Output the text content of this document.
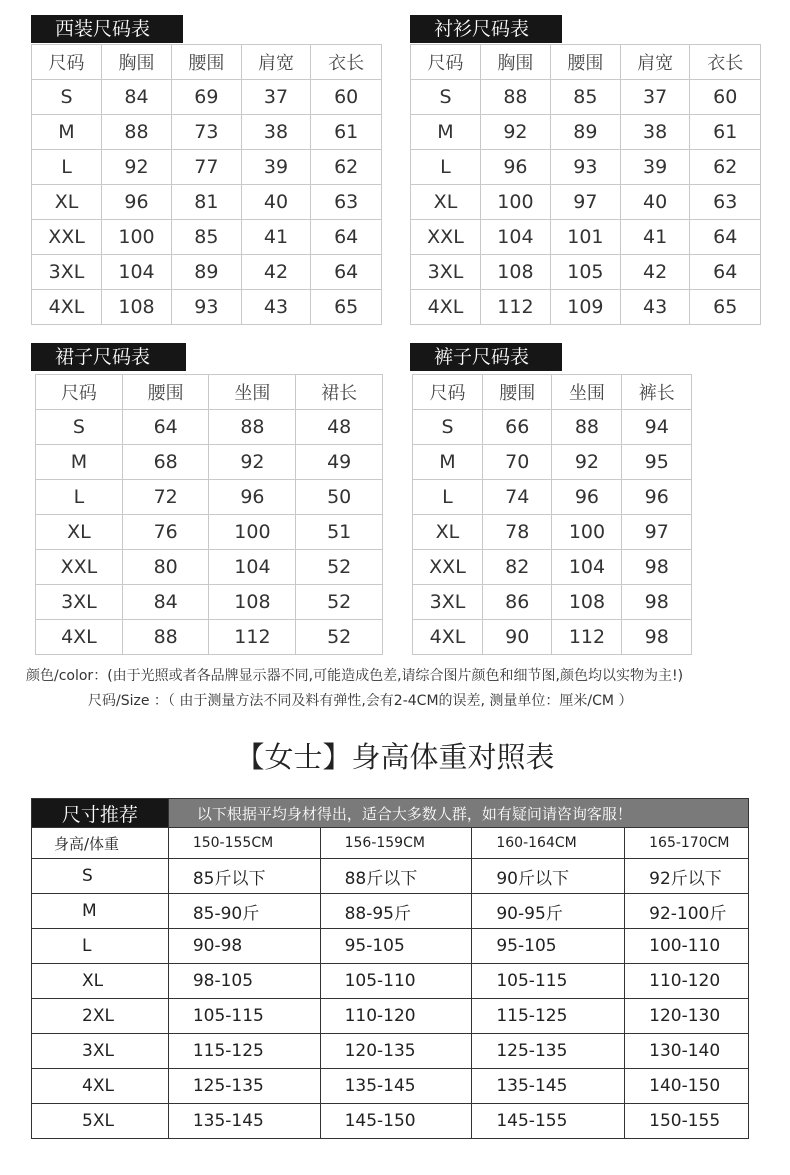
西装尺码表
尺码	胸围	腰围	肩宽	衣长
S	84	69	37	60
M	88	73	38	61
L	92	77	39	62
XL	96	81	40	63
XXL	100	85	41	64
3XL	104	89	42	64
4XL	108	93	43	65
衬衫尺码表
尺码	胸围	腰围	肩宽	衣长
S	88	85	37	60
M	92	89	38	61
L	96	93	39	62
XL	100	97	40	63
XXL	104	101	41	64
3XL	108	105	42	64
4XL	112	109	43	65
裙子尺码表
尺码	腰围	坐围	裙长
S	64	88	48
M	68	92	49
L	72	96	50
XL	76	100	51
XXL	80	104	52
3XL	84	108	52
4XL	88	112	52
裤子尺码表
尺码	腰围	坐围	裤长
S	66	88	94
M	70	92	95
L	74	96	96
XL	78	100	97
XXL	82	104	98
3XL	86	108	98
4XL	90	112	98
颜色/color：(由于光照或者各品牌显示器不同,可能造成色差,请综合图片颜色和细节图,颜色均以实物为主!)
尺码/Size ：（ 由于测量方法不同及料有弹性,会有2-4CM的误差, 测量单位：厘米/CM ）
【女士】身高体重对照表
尺寸推荐	以下根据平均身材得出，适合大多数人群，如有疑问请咨询客服！			
身高/体重	150-155CM	156-159CM	160-164CM	165-170CM
S	85斤以下	88斤以下	90斤以下	92斤以下
M	85-90斤	88-95斤	90-95斤	92-100斤
L	90-98	95-105	95-105	100-110
XL	98-105	105-110	105-115	110-120
2XL	105-115	110-120	115-125	120-130
3XL	115-125	120-135	125-135	130-140
4XL	125-135	135-145	135-145	140-150
5XL	135-145	145-150	145-155	150-155
